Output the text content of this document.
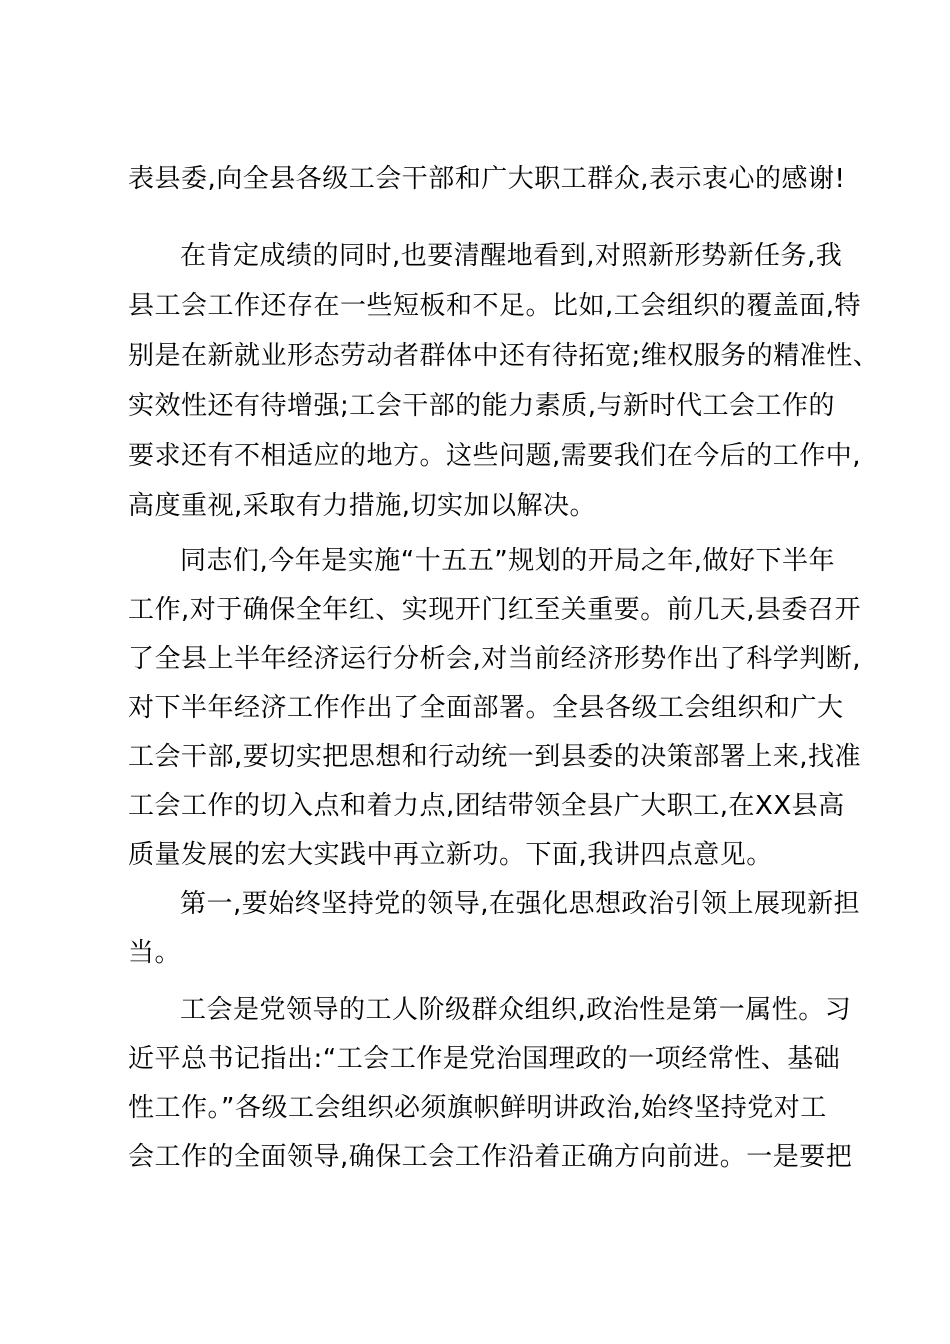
表县委,向全县各级工会干部和广大职工群众,表示衷心的感谢!
在肯定成绩的同时,也要清醒地看到,对照新形势新任务,我
县工会工作还存在一些短板和不足。比如,工会组织的覆盖面,特
别是在新就业形态劳动者群体中还有待拓宽;维权服务的精准性、
实效性还有待增强;工会干部的能力素质,与新时代工会工作的
要求还有不相适应的地方。这些问题,需要我们在今后的工作中,
高度重视,采取有力措施,切实加以解决。
同志们,今年是实施“十五五”规划的开局之年,做好下半年
工作,对于确保全年红、实现开门红至关重要。前几天,县委召开
了全县上半年经济运行分析会,对当前经济形势作出了科学判断,
对下半年经济工作作出了全面部署。全县各级工会组织和广大
工会干部,要切实把思想和行动统一到县委的决策部署上来,找准
工会工作的切入点和着力点,团结带领全县广大职工,在XX县高
质量发展的宏大实践中再立新功。下面,我讲四点意见。
第一,要始终坚持党的领导,在强化思想政治引领上展现新担
当。
工会是党领导的工人阶级群众组织,政治性是第一属性。习
近平总书记指出:“工会工作是党治国理政的一项经常性、基础
性工作。”各级工会组织必须旗帜鲜明讲政治,始终坚持党对工
会工作的全面领导,确保工会工作沿着正确方向前进。一是要把
